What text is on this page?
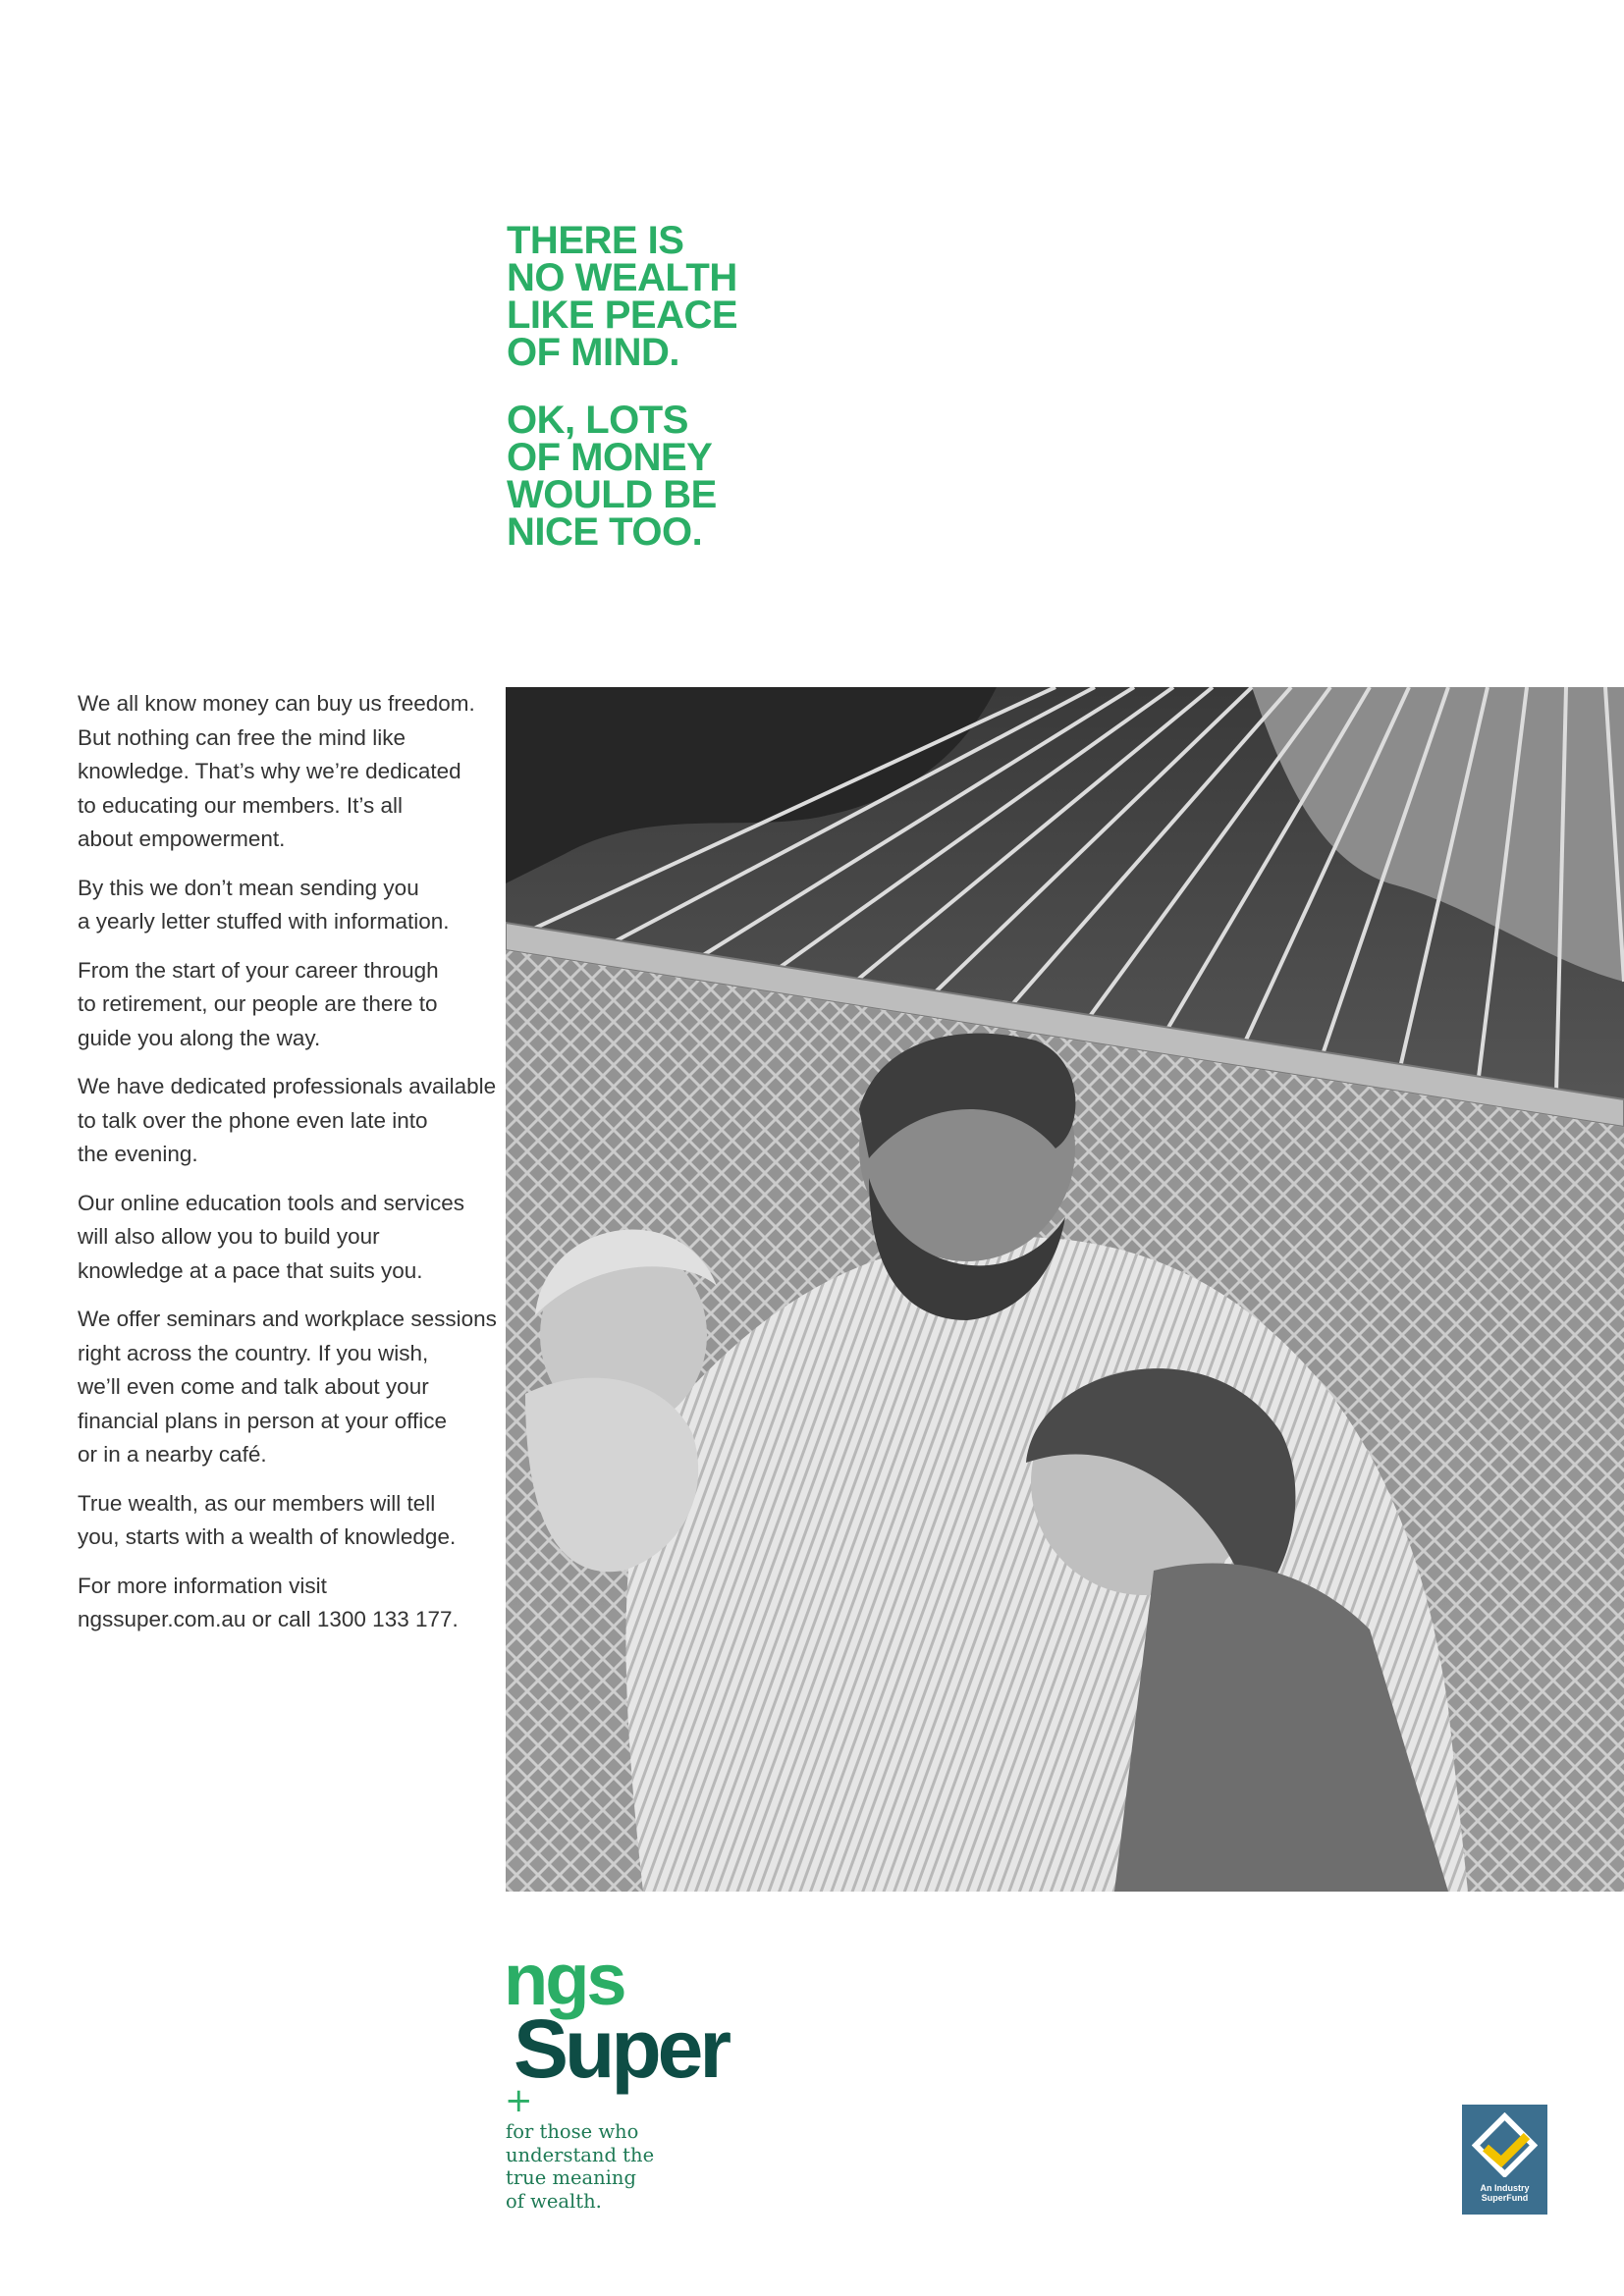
THERE IS
NO WEALTH
LIKE PEACE
OF MIND.
OK, LOTS
OF MONEY
WOULD BE
NICE TOO.
We all know money can buy us freedom.
But nothing can free the mind like
knowledge. That’s why we’re dedicated
to educating our members. It’s all
about empowerment.
By this we don’t mean sending you
a yearly letter stuffed with information.
From the start of your career through
to retirement, our people are there to
guide you along the way.
We have dedicated professionals available
to talk over the phone even late into
the evening.
Our online education tools and services
will also allow you to build your
knowledge at a pace that suits you.
We offer seminars and workplace sessions
right across the country. If you wish,
we’ll even come and talk about your
financial plans in person at your office
or in a nearby café.
True wealth, as our members will tell
you, starts with a wealth of knowledge.
For more information visit
ngssuper.com.au or call 1300 133 177.
ngs
Super
+
for those who
understand the
true meaning
of wealth.
An Industry
SuperFund
